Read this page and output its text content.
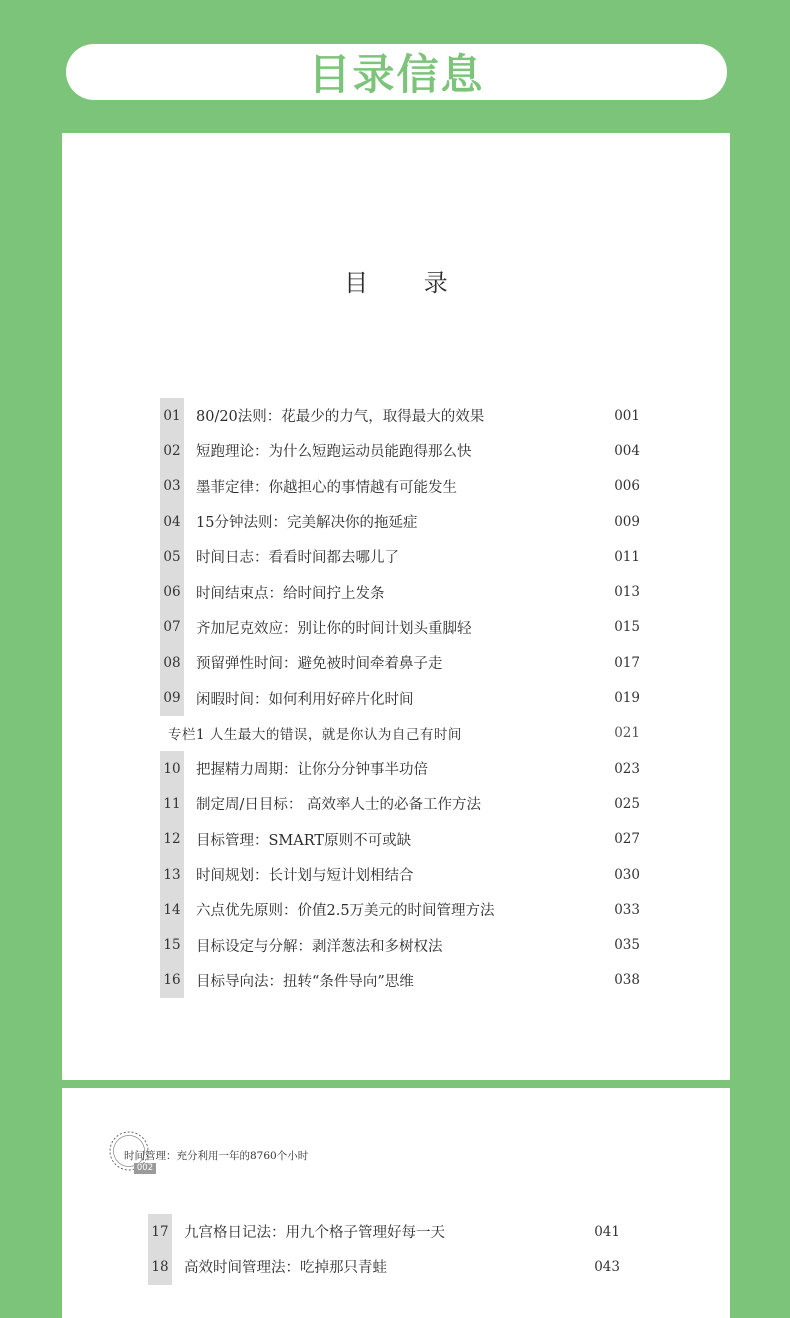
目录信息
目 录
01 80/20法则：花最少的力气，取得最大的效果	001
02 短跑理论：为什么短跑运动员能跑得那么快	004
03 墨菲定律：你越担心的事情越有可能发生	006
04 15分钟法则：完美解决你的拖延症	009
05 时间日志：看看时间都去哪儿了	011
06 时间结束点：给时间拧上发条	013
07 齐加尼克效应：别让你的时间计划头重脚轻	015
08 预留弹性时间：避免被时间牵着鼻子走	017
09 闲暇时间：如何利用好碎片化时间	019
专栏1 人生最大的错误，就是你认为自己有时间	021
10 把握精力周期：让你分分钟事半功倍	023
11 制定周/日目标： 高效率人士的必备工作方法	025
12 目标管理：SMART原则不可或缺	027
13 时间规划：长计划与短计划相结合	030
14 六点优先原则：价值2.5万美元的时间管理方法	033
15 目标设定与分解：剥洋葱法和多树权法	035
16 目标导向法：扭转“条件导向”思维	038
时间管理：充分利用一年的8760个小时
002
17 九宫格日记法：用九个格子管理好每一天	041
18 高效时间管理法：吃掉那只青蛙	043
